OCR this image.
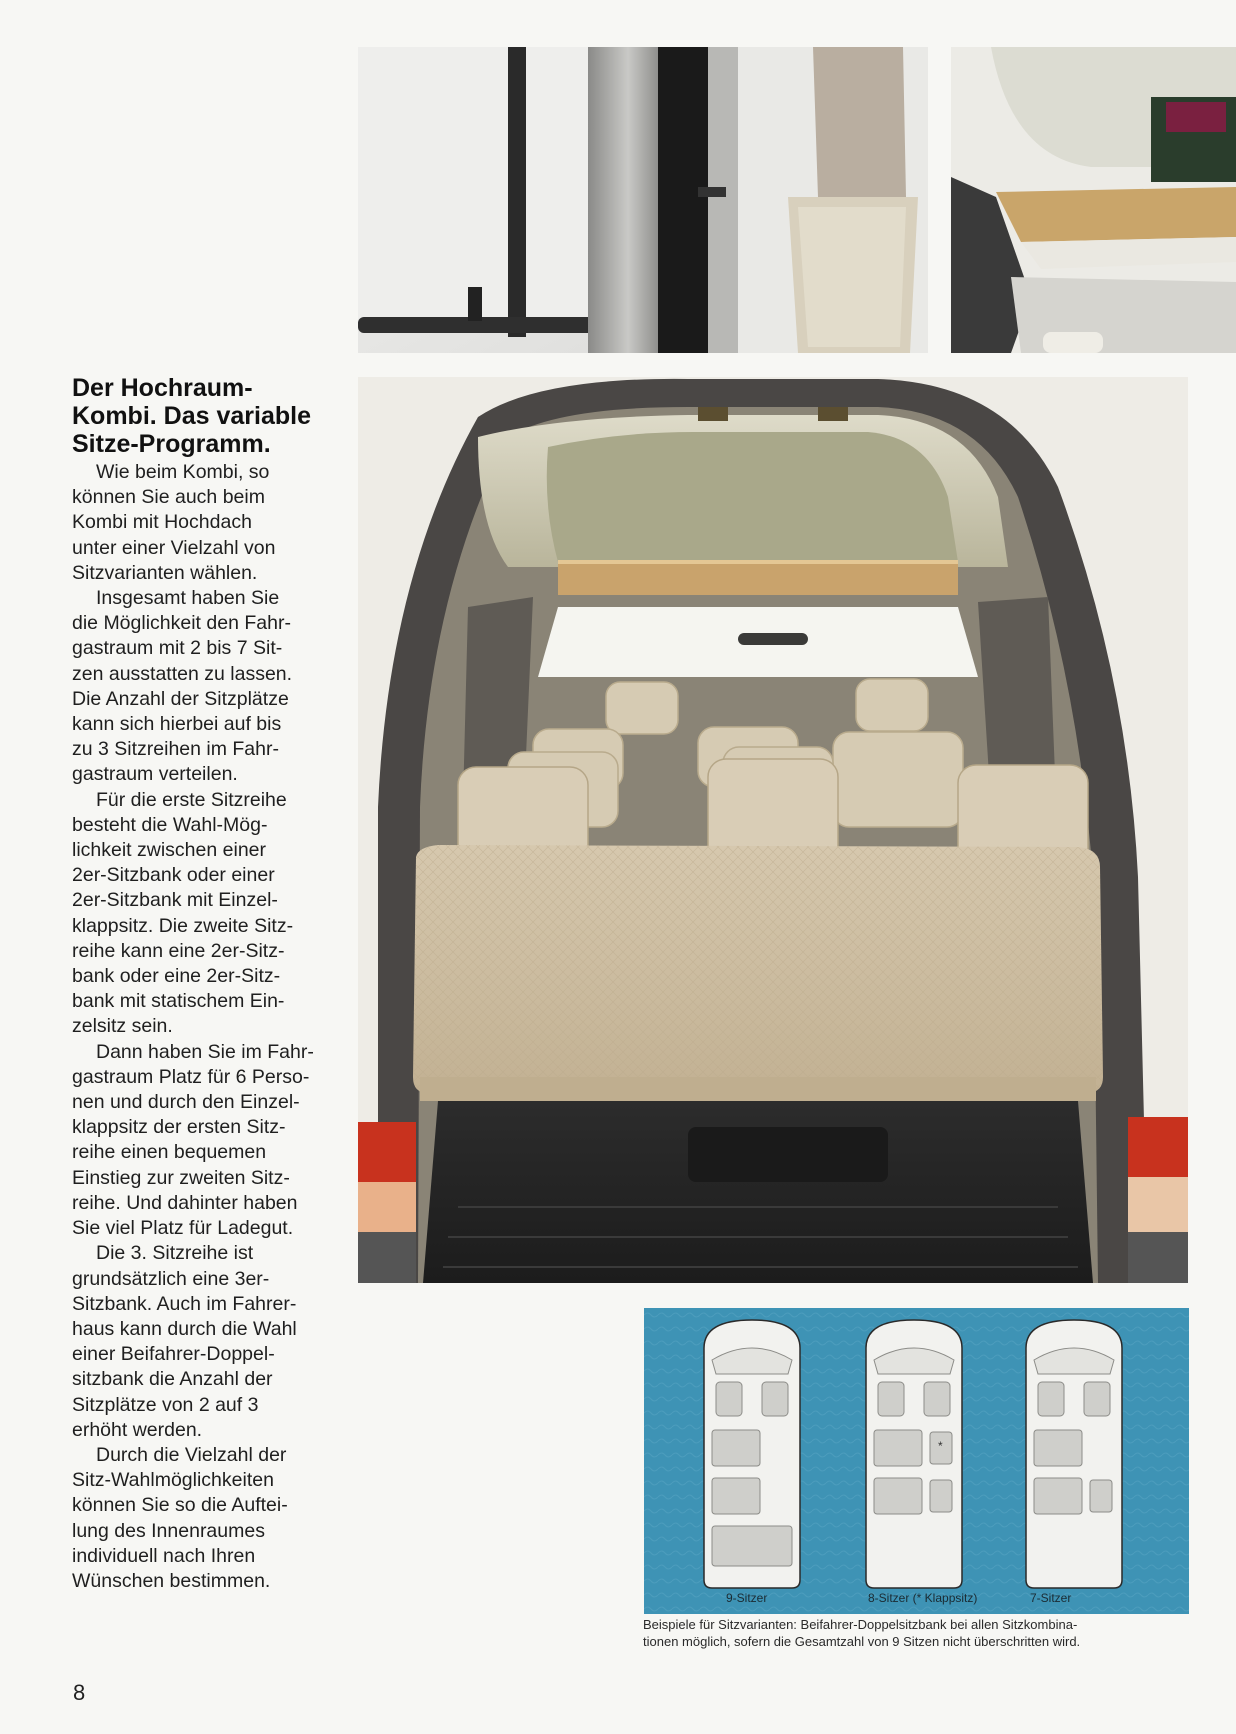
Der Hochraum-
Kombi. Das variable
Sitze-Programm.
Wie beim Kombi, so
können Sie auch beim
Kombi mit Hochdach
unter einer Vielzahl von
Sitzvarianten wählen.
Insgesamt haben Sie
die Möglichkeit den Fahr-
gastraum mit 2 bis 7 Sit-
zen ausstatten zu lassen.
Die Anzahl der Sitzplätze
kann sich hierbei auf bis
zu 3 Sitzreihen im Fahr-
gastraum verteilen.
Für die erste Sitzreihe
besteht die Wahl-Mög-
lichkeit zwischen einer
2er-Sitzbank oder einer
2er-Sitzbank mit Einzel-
klappsitz. Die zweite Sitz-
reihe kann eine 2er-Sitz-
bank oder eine 2er-Sitz-
bank mit statischem Ein-
zelsitz sein.
Dann haben Sie im Fahr-
gastraum Platz für 6 Perso-
nen und durch den Einzel-
klappsitz der ersten Sitz-
reihe einen bequemen
Einstieg zur zweiten Sitz-
reihe. Und dahinter haben
Sie viel Platz für Ladegut.
Die 3. Sitzreihe ist
grundsätzlich eine 3er-
Sitzbank. Auch im Fahrer-
haus kann durch die Wahl
einer Beifahrer-Doppel-
sitzbank die Anzahl der
Sitzplätze von 2 auf 3
erhöht werden.
Durch die Vielzahl der
Sitz-Wahlmöglichkeiten
können Sie so die Auftei-
lung des Innenraumes
individuell nach Ihren
Wünschen bestimmen.
*
9-Sitzer	8-Sitzer (* Klappsitz)	7-Sitzer
Beispiele für Sitzvarianten: Beifahrer-Doppelsitzbank bei allen Sitzkombina-
tionen möglich, sofern die Gesamtzahl von 9 Sitzen nicht überschritten wird.
8
